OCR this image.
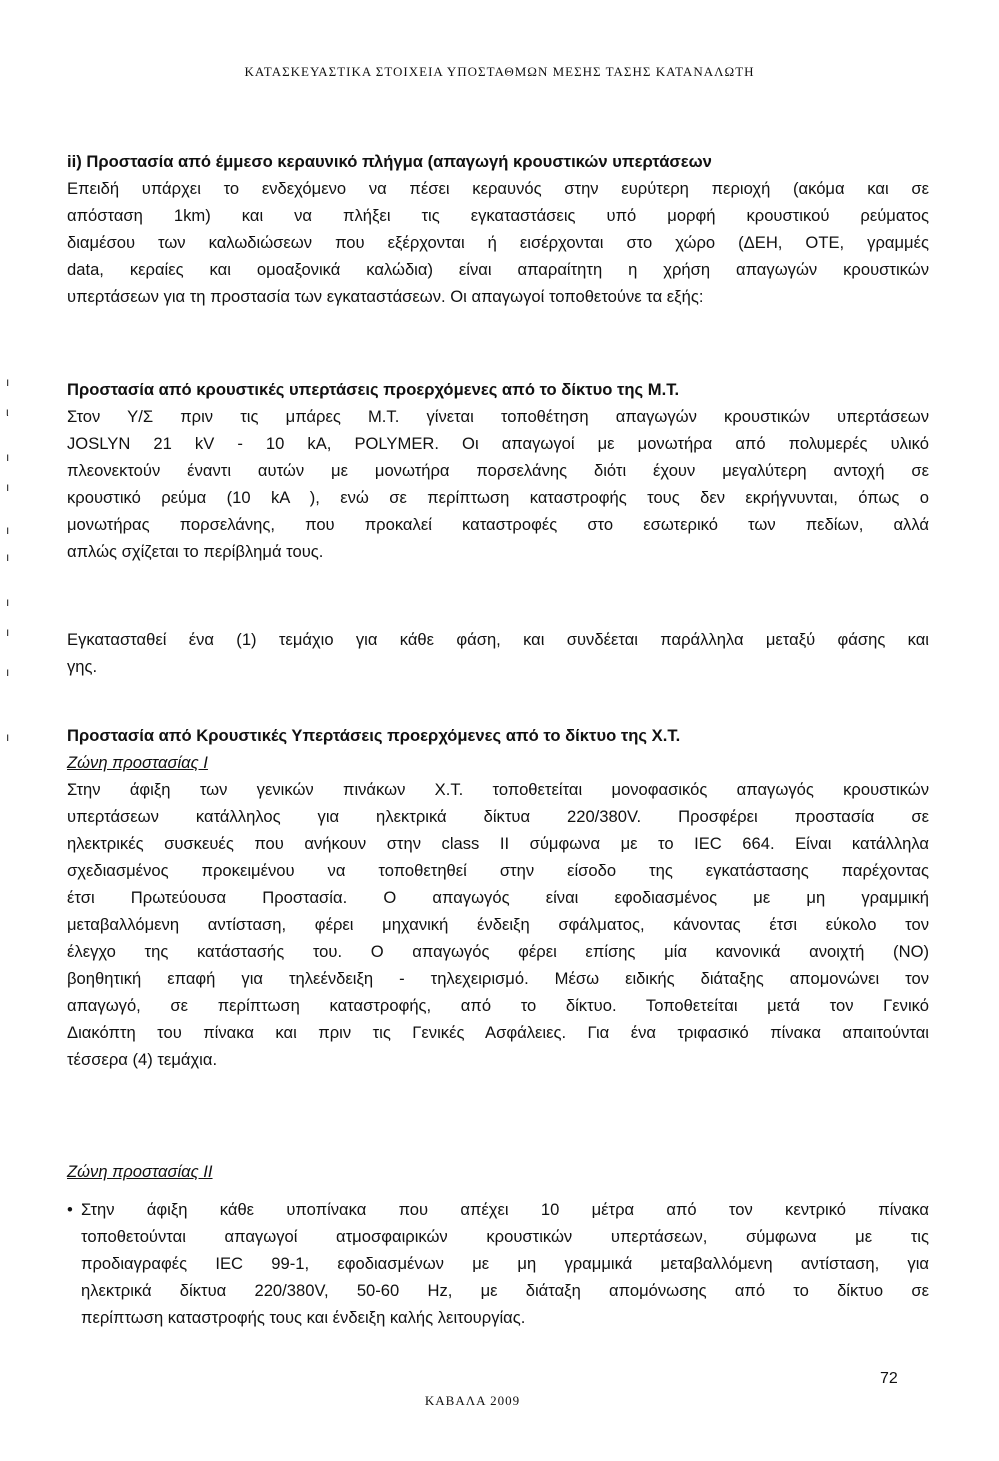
ΚΑΤΑΣΚΕΥΑΣΤΙΚΑ ΣΤΟΙΧΕΙΑ ΥΠΟΣΤΑΘΜΩΝ ΜΕΣΗΣ ΤΑΣΗΣ ΚΑΤΑΝΑΛΩΤΗ
ii) Προστασία από έμμεσο κεραυνικό πλήγμα (απαγωγή κρουστικών υπερτάσεων
Επειδή υπάρχει το ενδεχόμενο να πέσει κεραυνός στην ευρύτερη περιοχή (ακόμα και σε
απόσταση 1km) και να πλήξει τις εγκαταστάσεις υπό μορφή κρουστικού ρεύματος
διαμέσου των καλωδιώσεων που εξέρχονται ή εισέρχονται στο χώρο (ΔΕΗ, ΟΤΕ, γραμμές
data, κεραίες και ομοαξονικά καλώδια) είναι απαραίτητη η χρήση απαγωγών κρουστικών
υπερτάσεων για τη προστασία των εγκαταστάσεων. Οι απαγωγοί τοποθετούνε τα εξής:
ı
ι
ı
ı
ı
ı
ı
ı
ı
ı
Προστασία από κρουστικές υπερτάσεις προερχόμενες από το δίκτυο της Μ.Τ.
Στον Υ/Σ πριν τις μπάρες Μ.Τ. γίνεται τοποθέτηση απαγωγών κρουστικών υπερτάσεων
JOSLYN 21 kV - 10 kA, POLYMER. Οι απαγωγοί με μονωτήρα από πολυμερές υλικό
πλεονεκτούν έναντι αυτών με μονωτήρα πορσελάνης διότι έχουν μεγαλύτερη αντοχή σε
κρουστικό ρεύμα (10 kA ), ενώ σε περίπτωση καταστροφής τους δεν εκρήγνυνται, όπως ο
μονωτήρας πορσελάνης, που προκαλεί καταστροφές στο εσωτερικό των πεδίων, αλλά
απλώς σχίζεται το περίβλημά τους.
Εγκατασταθεί ένα (1) τεμάχιο για κάθε φάση, και συνδέεται παράλληλα μεταξύ φάσης και
γης.
Προστασία από Κρουστικές Υπερτάσεις προερχόμενες από το δίκτυο της Χ.Τ.
Ζώνη προστασίας Ι
Στην άφιξη των γενικών πινάκων Χ.Τ. τοποθετείται μονοφασικός απαγωγός κρουστικών
υπερτάσεων κατάλληλος για ηλεκτρικά δίκτυα 220/380V. Προσφέρει προστασία σε
ηλεκτρικές συσκευές που ανήκουν στην class II σύμφωνα με το IEC 664. Είναι κατάλληλα
σχεδιασμένος προκειμένου να τοποθετηθεί στην είσοδο της εγκατάστασης παρέχοντας
έτσι Πρωτεύουσα Προστασία. Ο απαγωγός είναι εφοδιασμένος με μη γραμμική
μεταβαλλόμενη αντίσταση, φέρει μηχανική ένδειξη σφάλματος, κάνοντας έτσι εύκολο τον
έλεγχο της κατάστασής του. Ο απαγωγός φέρει επίσης μία κανονικά ανοιχτή (ΝΟ)
βοηθητική επαφή για τηλεένδειξη - τηλεχειρισμό. Μέσω ειδικής διάταξης απομονώνει τον
απαγωγό, σε περίπτωση καταστροφής, από το δίκτυο. Τοποθετείται μετά τον Γενικό
Διακόπτη του πίνακα και πριν τις Γενικές Ασφάλειες. Για ένα τριφασικό πίνακα απαιτούνται
τέσσερα (4) τεμάχια.
Ζώνη προστασίας ΙΙ
• Στην άφιξη κάθε υποπίνακα που απέχει 10 μέτρα από τον κεντρικό πίνακα
τοποθετούνται απαγωγοί ατμοσφαιρικών κρουστικών υπερτάσεων, σύμφωνα με τις
προδιαγραφές IEC 99-1, εφοδιασμένων με μη γραμμικά μεταβαλλόμενη αντίσταση, για
ηλεκτρικά δίκτυα 220/380V, 50-60 Hz, με διάταξη απομόνωσης από το δίκτυο σε
περίπτωση καταστροφής τους και ένδειξη καλής λειτουργίας.
72
ΚΑΒΑΛΑ 2009
